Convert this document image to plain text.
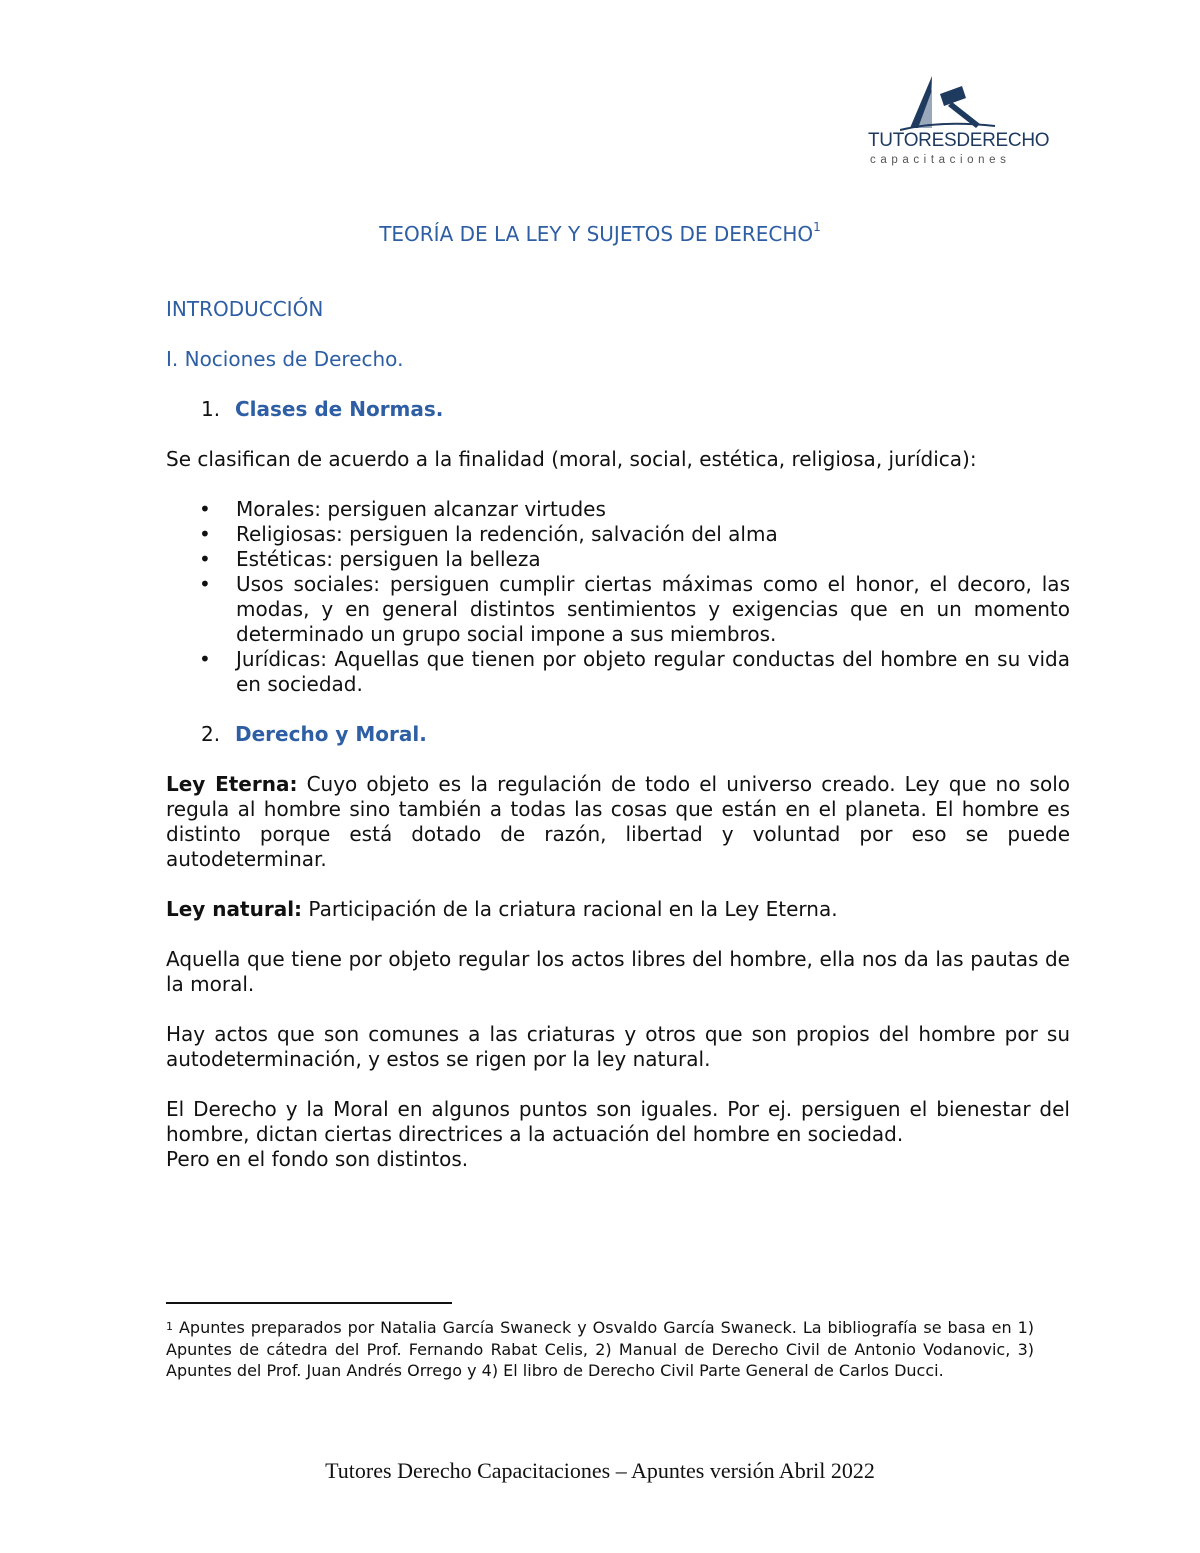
TUTORESDERECHO
capacitaciones
TEORÍA DE LA LEY Y SUJETOS DE DERECHO$^1$
INTRODUCCIÓN
I. Nociones de Derecho.
1. Clases de Normas.
Se clasifican de acuerdo a la finalidad (moral, social, estética, religiosa, jurídica):
• Morales: persiguen alcanzar virtudes
• Religiosas: persiguen la redención, salvación del alma
• Estéticas: persiguen la belleza
• Usos sociales: persiguen cumplir ciertas máximas como el honor, el decoro, las modas, y en general distintos sentimientos y exigencias que en un momento determinado un grupo social impone a sus miembros.
• Jurídicas: Aquellas que tienen por objeto regular conductas del hombre en su vida en sociedad.
2. Derecho y Moral.
Ley Eterna: Cuyo objeto es la regulación de todo el universo creado. Ley que no solo regula al hombre sino también a todas las cosas que están en el planeta. El hombre es distinto porque está dotado de razón, libertad y voluntad por eso se puede autodeterminar.
Ley natural: Participación de la criatura racional en la Ley Eterna.
Aquella que tiene por objeto regular los actos libres del hombre, ella nos da las pautas de la moral.
Hay actos que son comunes a las criaturas y otros que son propios del hombre por su autodeterminación, y estos se rigen por la ley natural.
El Derecho y la Moral en algunos puntos son iguales. Por ej. persiguen el bienestar del hombre, dictan ciertas directrices a la actuación del hombre en sociedad.
Pero en el fondo son distintos.
$^1$ Apuntes preparados por Natalia García Swaneck y Osvaldo García Swaneck. La bibliografía se basa en 1) Apuntes de cátedra del Prof. Fernando Rabat Celis, 2) Manual de Derecho Civil de Antonio Vodanovic, 3) Apuntes del Prof. Juan Andrés Orrego y 4) El libro de Derecho Civil Parte General de Carlos Ducci.
Tutores Derecho Capacitaciones – Apuntes versión Abril 2022
